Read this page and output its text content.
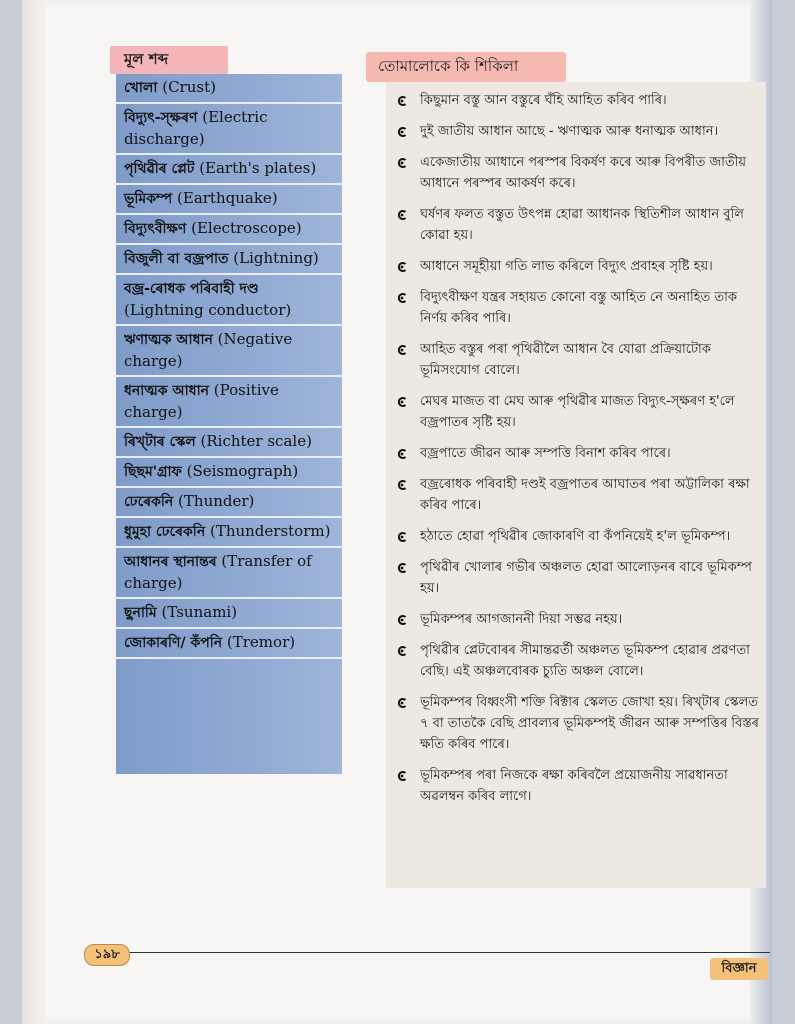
মূল শব্দ
খোলা (Crust)
বিদ্যুৎ-স্ক্ষৰণ (Electric discharge)
পৃথিৱীৰ প্লেট (Earth's plates)
ভূমিকম্প (Earthquake)
বিদ্যুৎবীক্ষণ (Electroscope)
বিজুলী বা বজ্রপাত (Lightning)
বজ্র-ৰোধক পৰিবাহী দণ্ড (Lightning conductor)
ঋণাত্মক আধান (Negative charge)
ধনাত্মক আধান (Positive charge)
ৰিখ্টাৰ স্কেল (Richter scale)
ছিছম'গ্ৰাফ (Seismograph)
ঢেৰেকনি (Thunder)
ধুমুহা ঢেৰেকনি (Thunderstorm)
আধানৰ স্থানান্তৰ (Transfer of charge)
ছুনামি (Tsunami)
জোকাৰণি/ কঁপনি (Tremor)
তোমালোকে কি শিকিলা
কিছুমান বস্তু আন বস্তুৰে ঘঁহি আহিত কৰিব পাৰি।
দুই জাতীয় আধান আছে - ঋণাত্মক আৰু ধনাত্মক আধান।
একেজাতীয় আধানে পৰস্পৰ বিকৰ্ষণ কৰে আৰু বিপৰীত জাতীয় আধানে পৰস্পৰ আকৰ্ষণ কৰে।
ঘৰ্ষণৰ ফলত বস্তুত উৎপন্ন হোৱা আধানক স্থিতিশীল আধান বুলি কোৱা হয়।
আধানে সমূহীয়া গতি লাভ কৰিলে বিদ্যুৎ প্ৰবাহৰ সৃষ্টি হয়।
বিদ্যুৎবীক্ষণ যন্ত্ৰৰ সহায়ত কোনো বস্তু আহিত নে অনাহিত তাক নিৰ্ণয় কৰিব পাৰি।
আহিত বস্তুৰ পৰা পৃথিৱীলৈ আধান বৈ যোৱা প্ৰক্ৰিয়াটোক ভূমিসংযোগ বোলে।
মেঘৰ মাজত বা মেঘ আৰু পৃথিৱীৰ মাজত বিদ্যুৎ-স্ক্ষৰণ হ'লে বজ্রপাতৰ সৃষ্টি হয়।
বজ্রপাতে জীৱন আৰু সম্পত্তি বিনাশ কৰিব পাৰে।
বজ্রৰোধক পৰিবাহী দণ্ডই বজ্রপাতৰ আঘাতৰ পৰা অট্টালিকা ৰক্ষা কৰিব পাৰে।
হঠাতে হোৱা পৃথিৱীৰ জোকাৰণি বা কঁপনিয়েই হ'ল ভূমিকম্প।
পৃথিৱীৰ খোলাৰ গভীৰ অঞ্চলত হোৱা আলোড়নৰ বাবে ভূমিকম্প হয়।
ভূমিকম্পৰ আগজাননী দিয়া সম্ভৱ নহয়।
পৃথিৱীৰ প্লেটবোৰৰ সীমান্তৱৰ্তী অঞ্চলত ভূমিকম্প হোৱাৰ প্ৰৱণতা বেছি। এই অঞ্চলবোৰক চ্যুতি অঞ্চল বোলে।
ভূমিকম্পৰ বিধ্বংসী শক্তি ৰিক্টাৰ স্কেলত জোখা হয়। ৰিখ্টাৰ স্কেলত ৭ বা তাতকৈ বেছি প্ৰাবল্যৰ ভূমিকম্পই জীৱন আৰু সম্পত্তিৰ বিস্তৰ ক্ষতি কৰিব পাৰে।
ভূমিকম্পৰ পৰা নিজকে ৰক্ষা কৰিবলৈ প্ৰয়োজনীয় সাৱধানতা অৱলম্বন কৰিব লাগে।
১৯৮
বিজ্ঞান
